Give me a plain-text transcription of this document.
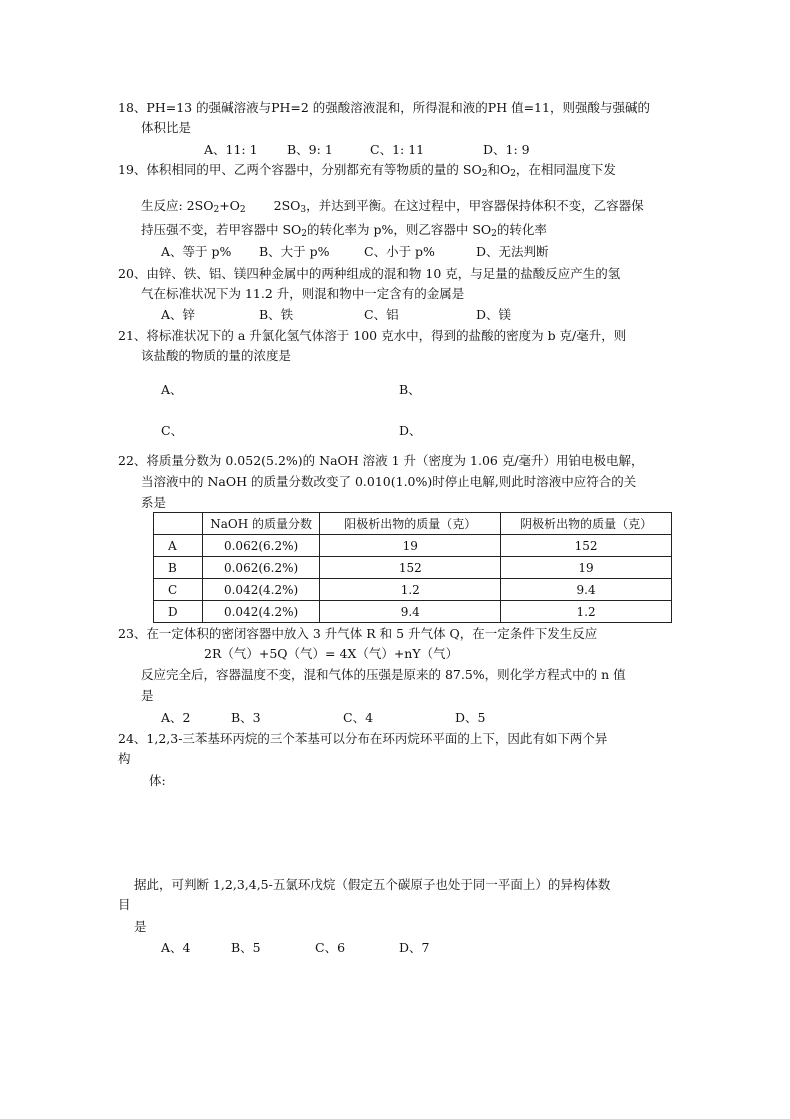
18、PH=13 的强碱溶液与PH=2 的强酸溶液混和，所得混和液的PH 值=11，则强酸与强碱的
体积比是
A、11: 1 B、9: 1	C、1: 11	D、1: 9
19、体积相同的甲、乙两个容器中，分别都充有等物质的量的 $SO_2$和$O_2$，在相同温度下发
生反应: $2SO_2+O_2$ $2SO_3$，并达到平衡。在这过程中，甲容器保持体积不变，乙容器保
持压强不变，若甲容器中 $SO_2$的转化率为 p%，则乙容器中 $SO_2$的转化率
A、等于 p% B、大于 p%	C、小于 p%	D、无法判断
20、由锌、铁、铝、镁四种金属中的两种组成的混和物 10 克，与足量的盐酸反应产生的氢
气在标准状况下为 11.2 升，则混和物中一定含有的金属是
A、锌	B、铁	C、铝	D、镁
21、将标准状况下的 a 升氯化氢气体溶于 100 克水中，得到的盐酸的密度为 b 克/毫升，则
该盐酸的物质的量的浓度是
A、	B、
C、	D、
22、将质量分数为 0.052(5.2%)的 NaOH 溶液 1 升（密度为 1.06 克/毫升）用铂电极电解，
当溶液中的 NaOH 的质量分数改变了 0.010(1.0%)时停止电解,则此时溶液中应符合的关
系是
	NaOH 的质量分数	阳极析出物的质量（克）	阴极析出物的质量（克）
A	0.062(6.2%)	19	152
B	0.062(6.2%)	152	19
C	0.042(4.2%)	1.2	9.4
D	0.042(4.2%)	9.4	1.2
23、在一定体积的密闭容器中放入 3 升气体 R 和 5 升气体 Q，在一定条件下发生反应
2R（气）+5Q（气）= 4X（气）+nY（气）
反应完全后，容器温度不变，混和气体的压强是原来的 87.5%，则化学方程式中的 n 值
是
A、2	B、3	C、4	D、5
24、1,2,3-三苯基环丙烷的三个苯基可以分布在环丙烷环平面的上下，因此有如下两个异
构
体:
据此，可判断 1,2,3,4,5-五氯环戊烷（假定五个碳原子也处于同一平面上）的异构体数
目
是
A、4	B、5	C、6	D、7
